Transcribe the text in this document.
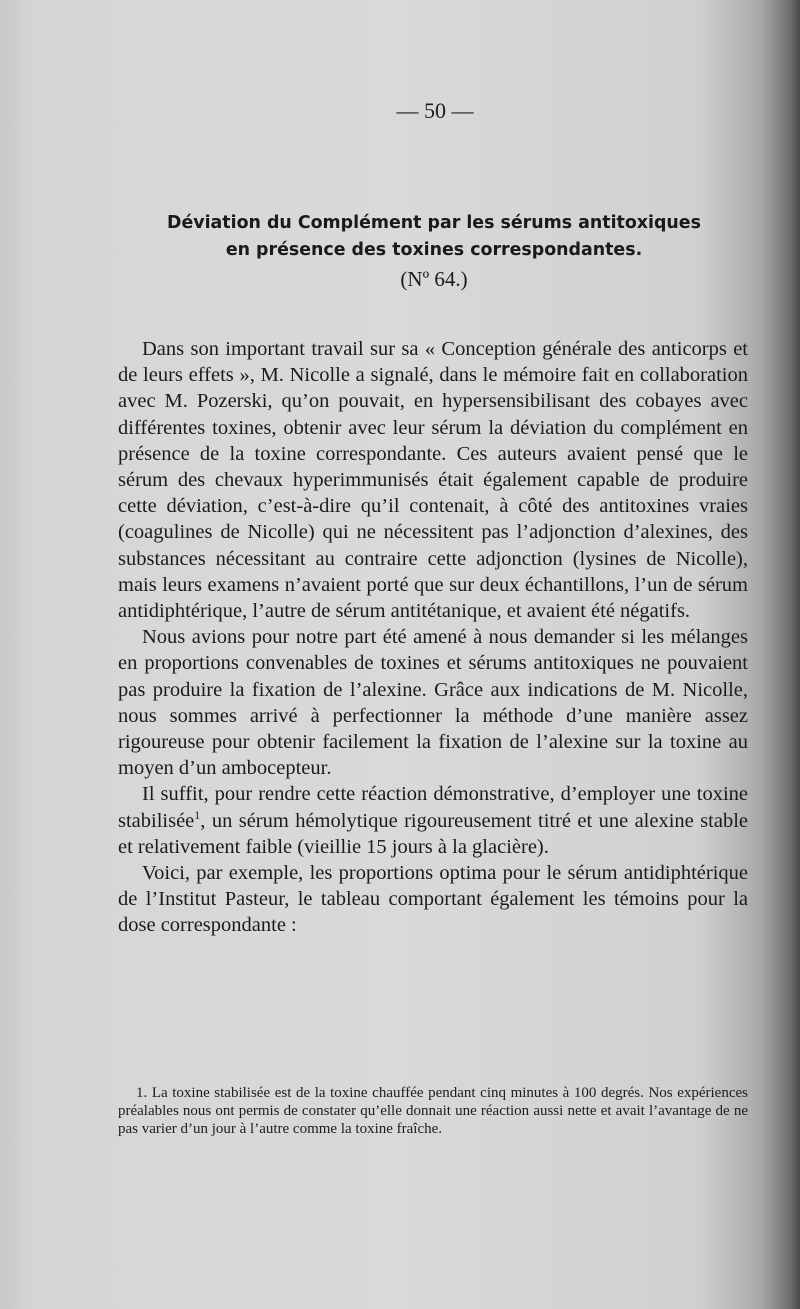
— 50 —
Déviation du Complément par les sérums antitoxiques
en présence des toxines correspondantes.
(Nº 64.)

Dans son important travail sur sa « Conception générale des anticorps et de leurs effets », M. Nicolle a signalé, dans le mémoire fait en collaboration avec M. Pozerski, qu’on pouvait, en hypersensibilisant des cobayes avec différentes toxines, obtenir avec leur sérum la déviation du complément en présence de la toxine correspondante. Ces auteurs avaient pensé que le sérum des chevaux hyperimmunisés était également capable de produire cette déviation, c’est-à-dire qu’il contenait, à côté des antitoxines vraies (coagulines de Nicolle) qui ne nécessitent pas l’adjonction d’alexines, des substances nécessitant au contraire cette adjonction (lysines de Nicolle), mais leurs examens n’avaient porté que sur deux échantillons, l’un de sérum antidiphtérique, l’autre de sérum antitétanique, et avaient été négatifs.

Nous avions pour notre part été amené à nous demander si les mélanges en proportions convenables de toxines et sérums antitoxiques ne pouvaient pas produire la fixation de l’alexine. Grâce aux indications de M. Nicolle, nous sommes arrivé à perfectionner la méthode d’une manière assez rigoureuse pour obtenir facilement la fixation de l’alexine sur la toxine au moyen d’un ambocepteur.

Il suffit, pour rendre cette réaction démonstrative, d’employer une toxine stabilisée$^1$, un sérum hémolytique rigoureusement titré et une alexine stable et relativement faible (vieillie 15 jours à la glacière).

Voici, par exemple, les proportions optima pour le sérum antidiphtérique de l’Institut Pasteur, le tableau comportant également les témoins pour la dose correspondante :

1. La toxine stabilisée est de la toxine chauffée pendant cinq minutes à 100 degrés. Nos expériences préalables nous ont permis de constater qu’elle donnait une réaction aussi nette et avait l’avantage de ne pas varier d’un jour à l’autre comme la toxine fraîche.
